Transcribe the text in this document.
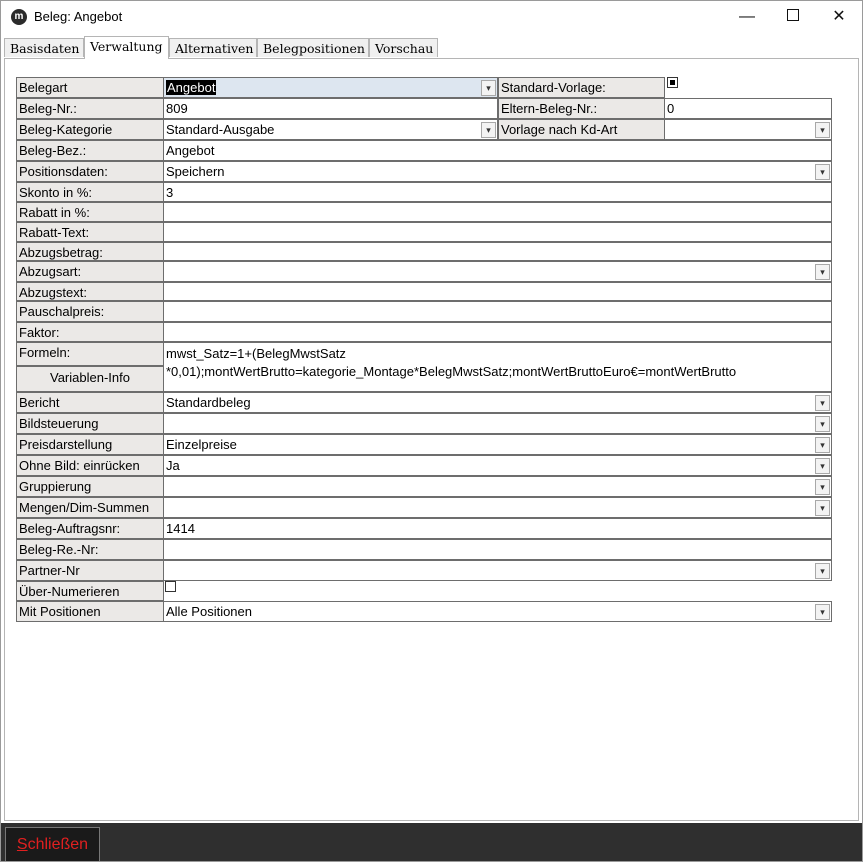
m Beleg: Angebot	—	✕
Basisdaten Verwaltung Alternativen Belegpositionen Vorschau
Belegart	Angebot	▾ Standard-Vorlage:
Beleg-Nr.:	809	Eltern-Beleg-Nr.:	0
Beleg-Kategorie	Standard-Ausgabe	▾ Vorlage nach Kd-Art	▾
Beleg-Bez.:	Angebot
Positionsdaten:	Speichern	▾
Skonto in %:	3
Rabatt in %:
Rabatt-Text:
Abzugsbetrag:
Abzugsart:	▾
Abzugstext:
Pauschalpreis:
Faktor:
Formeln:
Variablen-Info
mwst_Satz=1+(BelegMwstSatz *0,01);montWertBrutto=kategorie_Montage*BelegMwstSatz;montWertBruttoEuro€=montWertBrutto
Bericht	Standardbeleg	▾
Bildsteuerung	▾
Preisdarstellung	Einzelpreise	▾
Ohne Bild: einrücken	Ja	▾
Gruppierung	▾
Mengen/Dim-Summen	▾
Beleg-Auftragsnr:	1414
Beleg-Re.-Nr:
Partner-Nr	▾
Über-Numerieren
Mit Positionen	Alle Positionen	▾
Schließen
